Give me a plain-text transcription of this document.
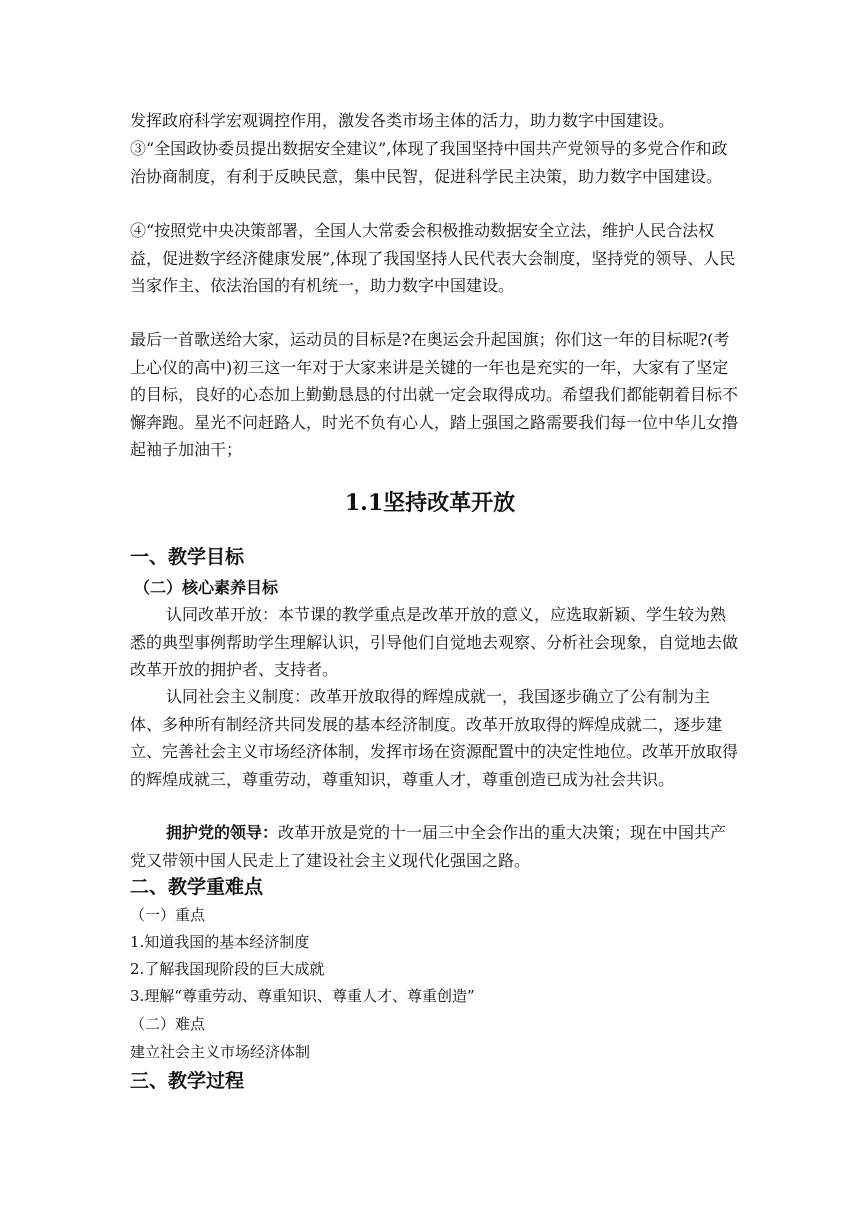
发挥政府科学宏观调控作用，激发各类市场主体的活力，助力数字中国建设。

③“全国政协委员提出数据安全建议”,体现了我国坚持中国共产党领导的多党合作和政治协商制度，有利于反映民意，集中民智，促进科学民主决策，助力数字中国建设。

④“按照党中央决策部署，全国人大常委会积极推动数据安全立法，维护人民合法权益，促进数字经济健康发展”,体现了我国坚持人民代表大会制度，坚持党的领导、人民当家作主、依法治国的有机统一，助力数字中国建设。

最后一首歌送给大家，运动员的目标是?在奥运会升起国旗；你们这一年的目标呢?(考上心仪的高中)初三这一年对于大家来讲是关键的一年也是充实的一年，大家有了坚定的目标，良好的心态加上勤勤恳恳的付出就一定会取得成功。希望我们都能朝着目标不懈奔跑。星光不问赶路人，时光不负有心人，踏上强国之路需要我们每一位中华儿女撸起袖子加油干；

1.1坚持改革开放
一、教学目标
（二）核心素养目标

认同改革开放：本节课的教学重点是改革开放的意义，应选取新颖、学生较为熟悉的典型事例帮助学生理解认识，引导他们自觉地去观察、分析社会现象，自觉地去做改革开放的拥护者、支持者。

认同社会主义制度：改革开放取得的辉煌成就一，我国逐步确立了公有制为主体、多种所有制经济共同发展的基本经济制度。改革开放取得的辉煌成就二，逐步建立、完善社会主义市场经济体制，发挥市场在资源配置中的决定性地位。改革开放取得的辉煌成就三，尊重劳动，尊重知识，尊重人才，尊重创造已成为社会共识。

拥护党的领导：改革开放是党的十一届三中全会作出的重大决策；现在中国共产党又带领中国人民走上了建设社会主义现代化强国之路。

二、教学重难点

（一）重点

1.知道我国的基本经济制度

2.了解我国现阶段的巨大成就

3.理解“尊重劳动、尊重知识、尊重人才、尊重创造”

（二）难点

建立社会主义市场经济体制

三、教学过程
